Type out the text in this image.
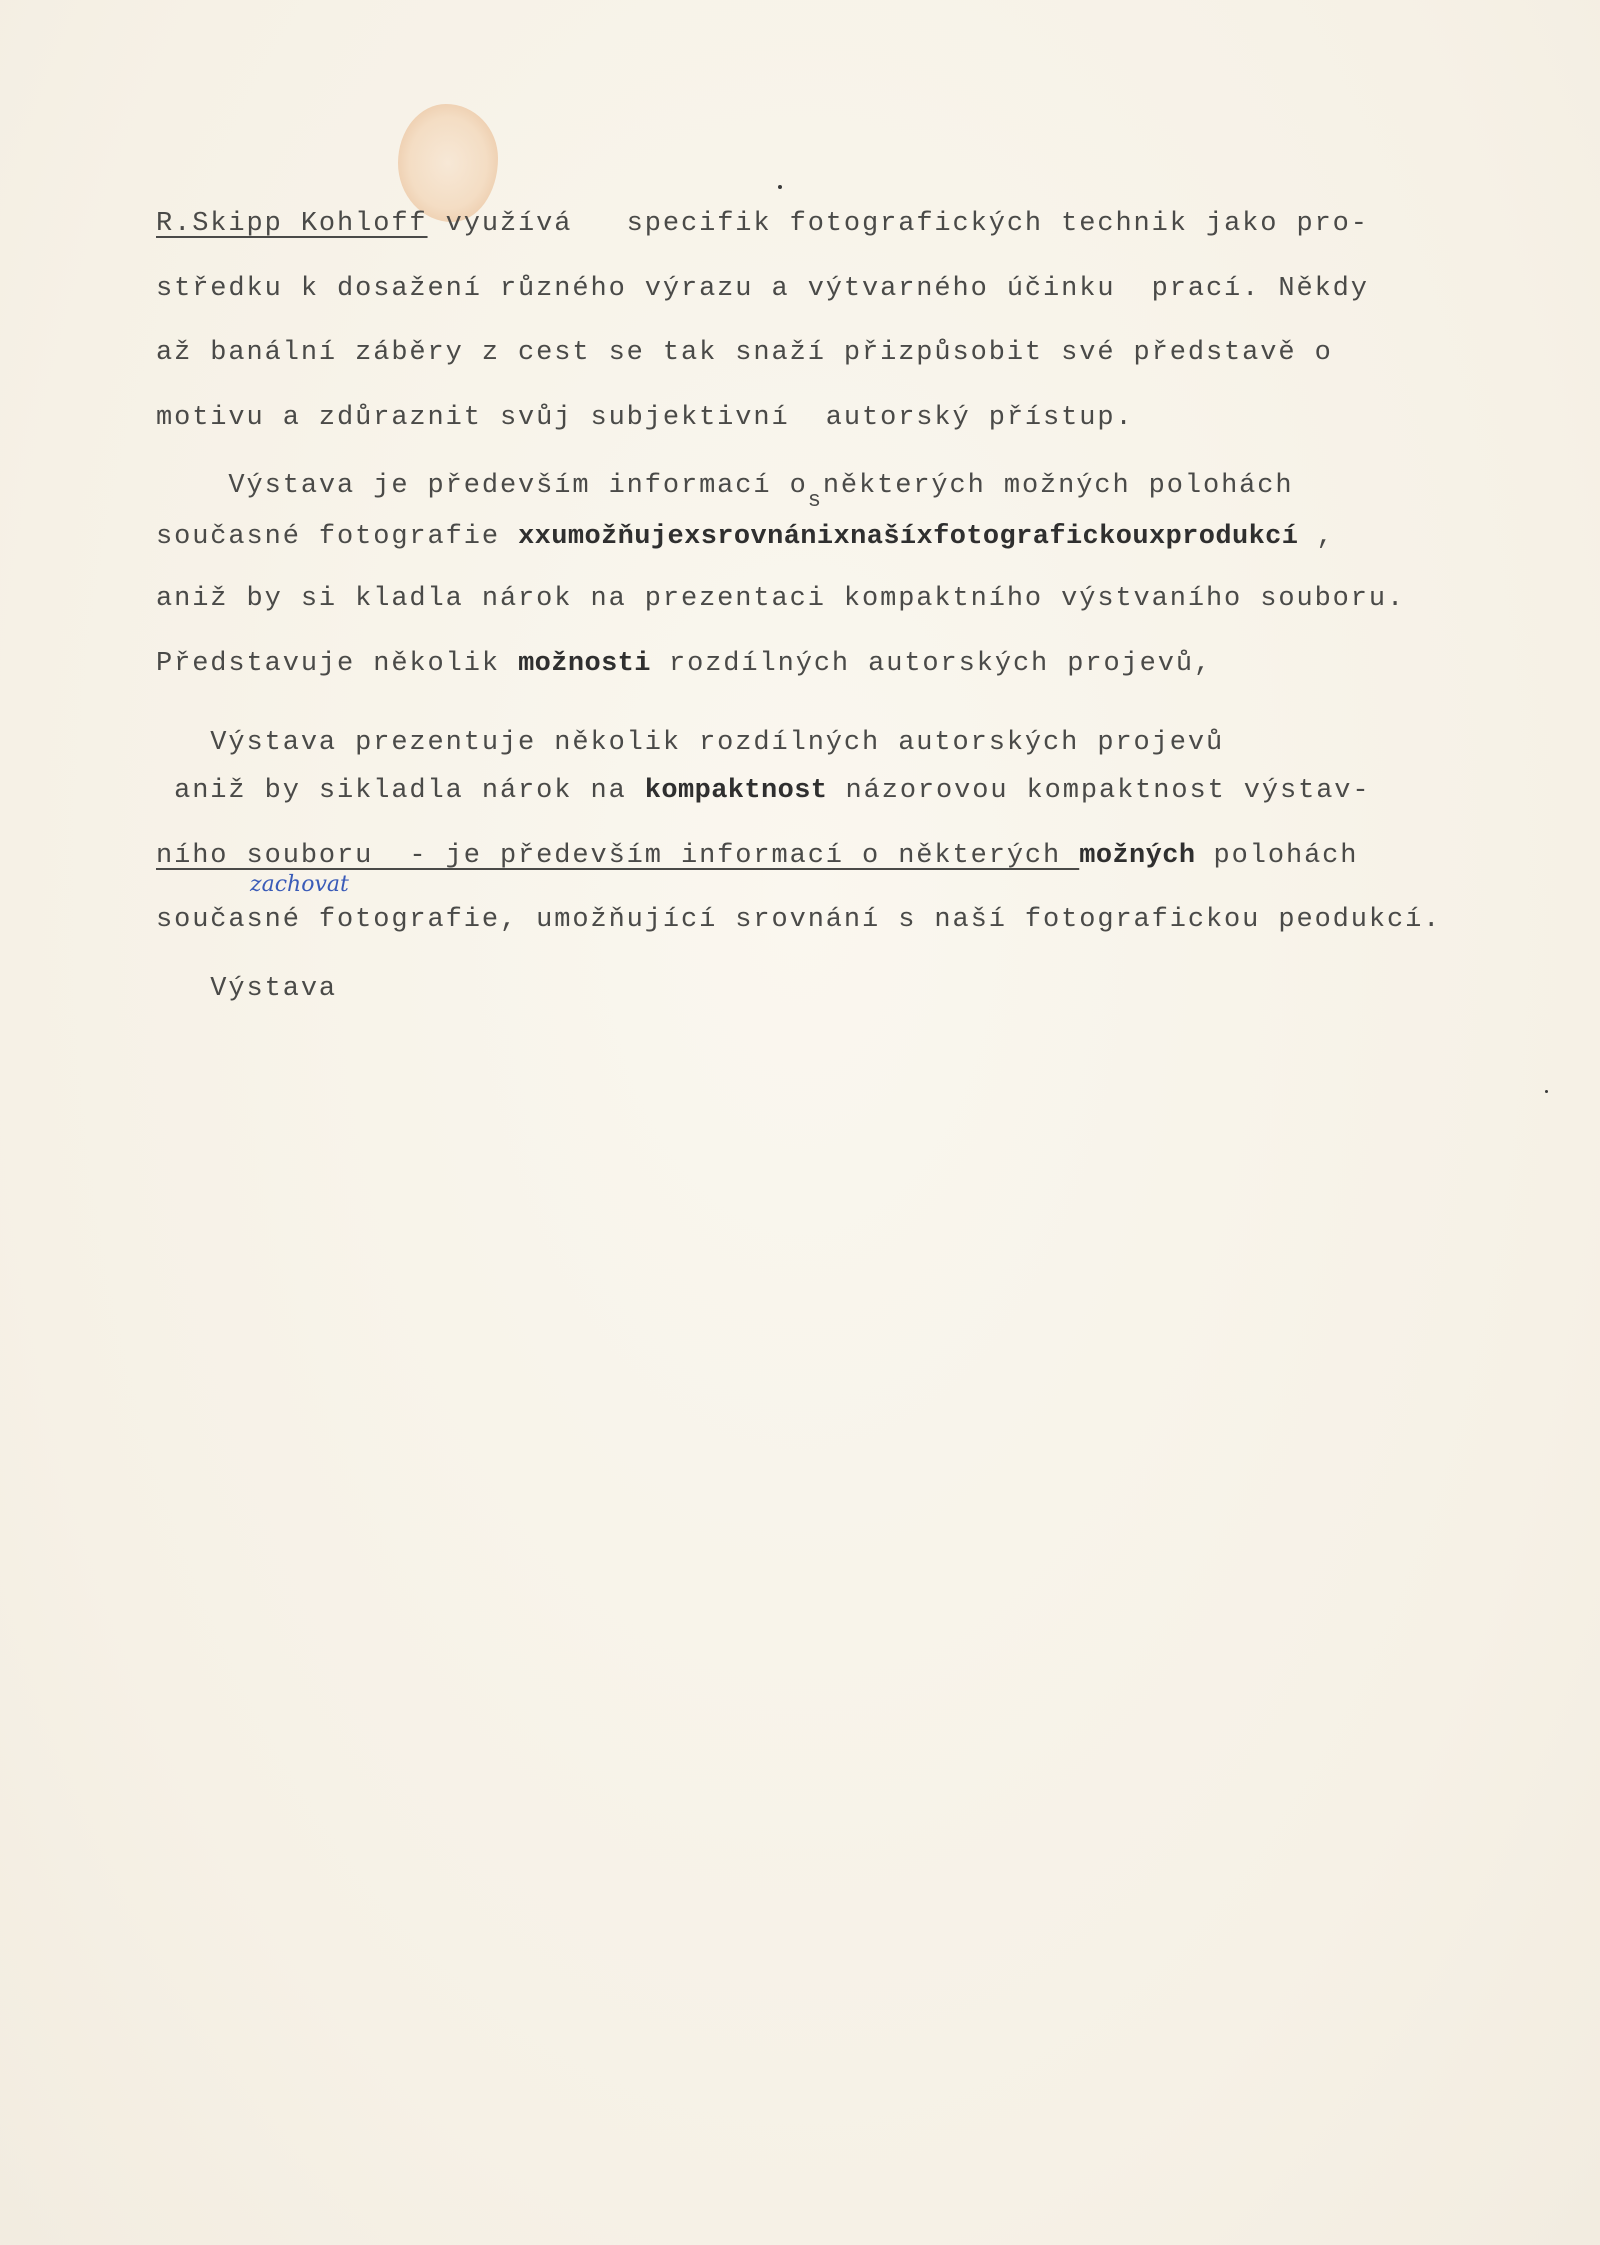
R.Skipp Kohloff využívá   specifik fotografických technik jako pro-
středku k dosažení různého výrazu a výtvarného účinku  prací. Někdy
až banální záběry z cest se tak snaží přizpůsobit své představě o
motivu a zdůraznit svůj subjektivní  autorský přístup.
Výstava je především informací $o_sněkterých$ možných polohách
současné fotografie xxumožňujexsrovnánixnašíxfotografickouxprodukcí ,
aniž by si kladla nárok na prezentaci kompaktního výstvaního souboru.
Představuje několik možnosti rozdílných autorských projevů,
Výstava prezentuje několik rozdílných autorských projevů
aniž by sikladla nárok na kompaktnost názorovou kompaktnost výstav-
ního souboru  - je především informací o některých možných polohách
zachovat
současné fotografie, umožňující srovnání s naší fotografickou peodukcí.
Výstava
